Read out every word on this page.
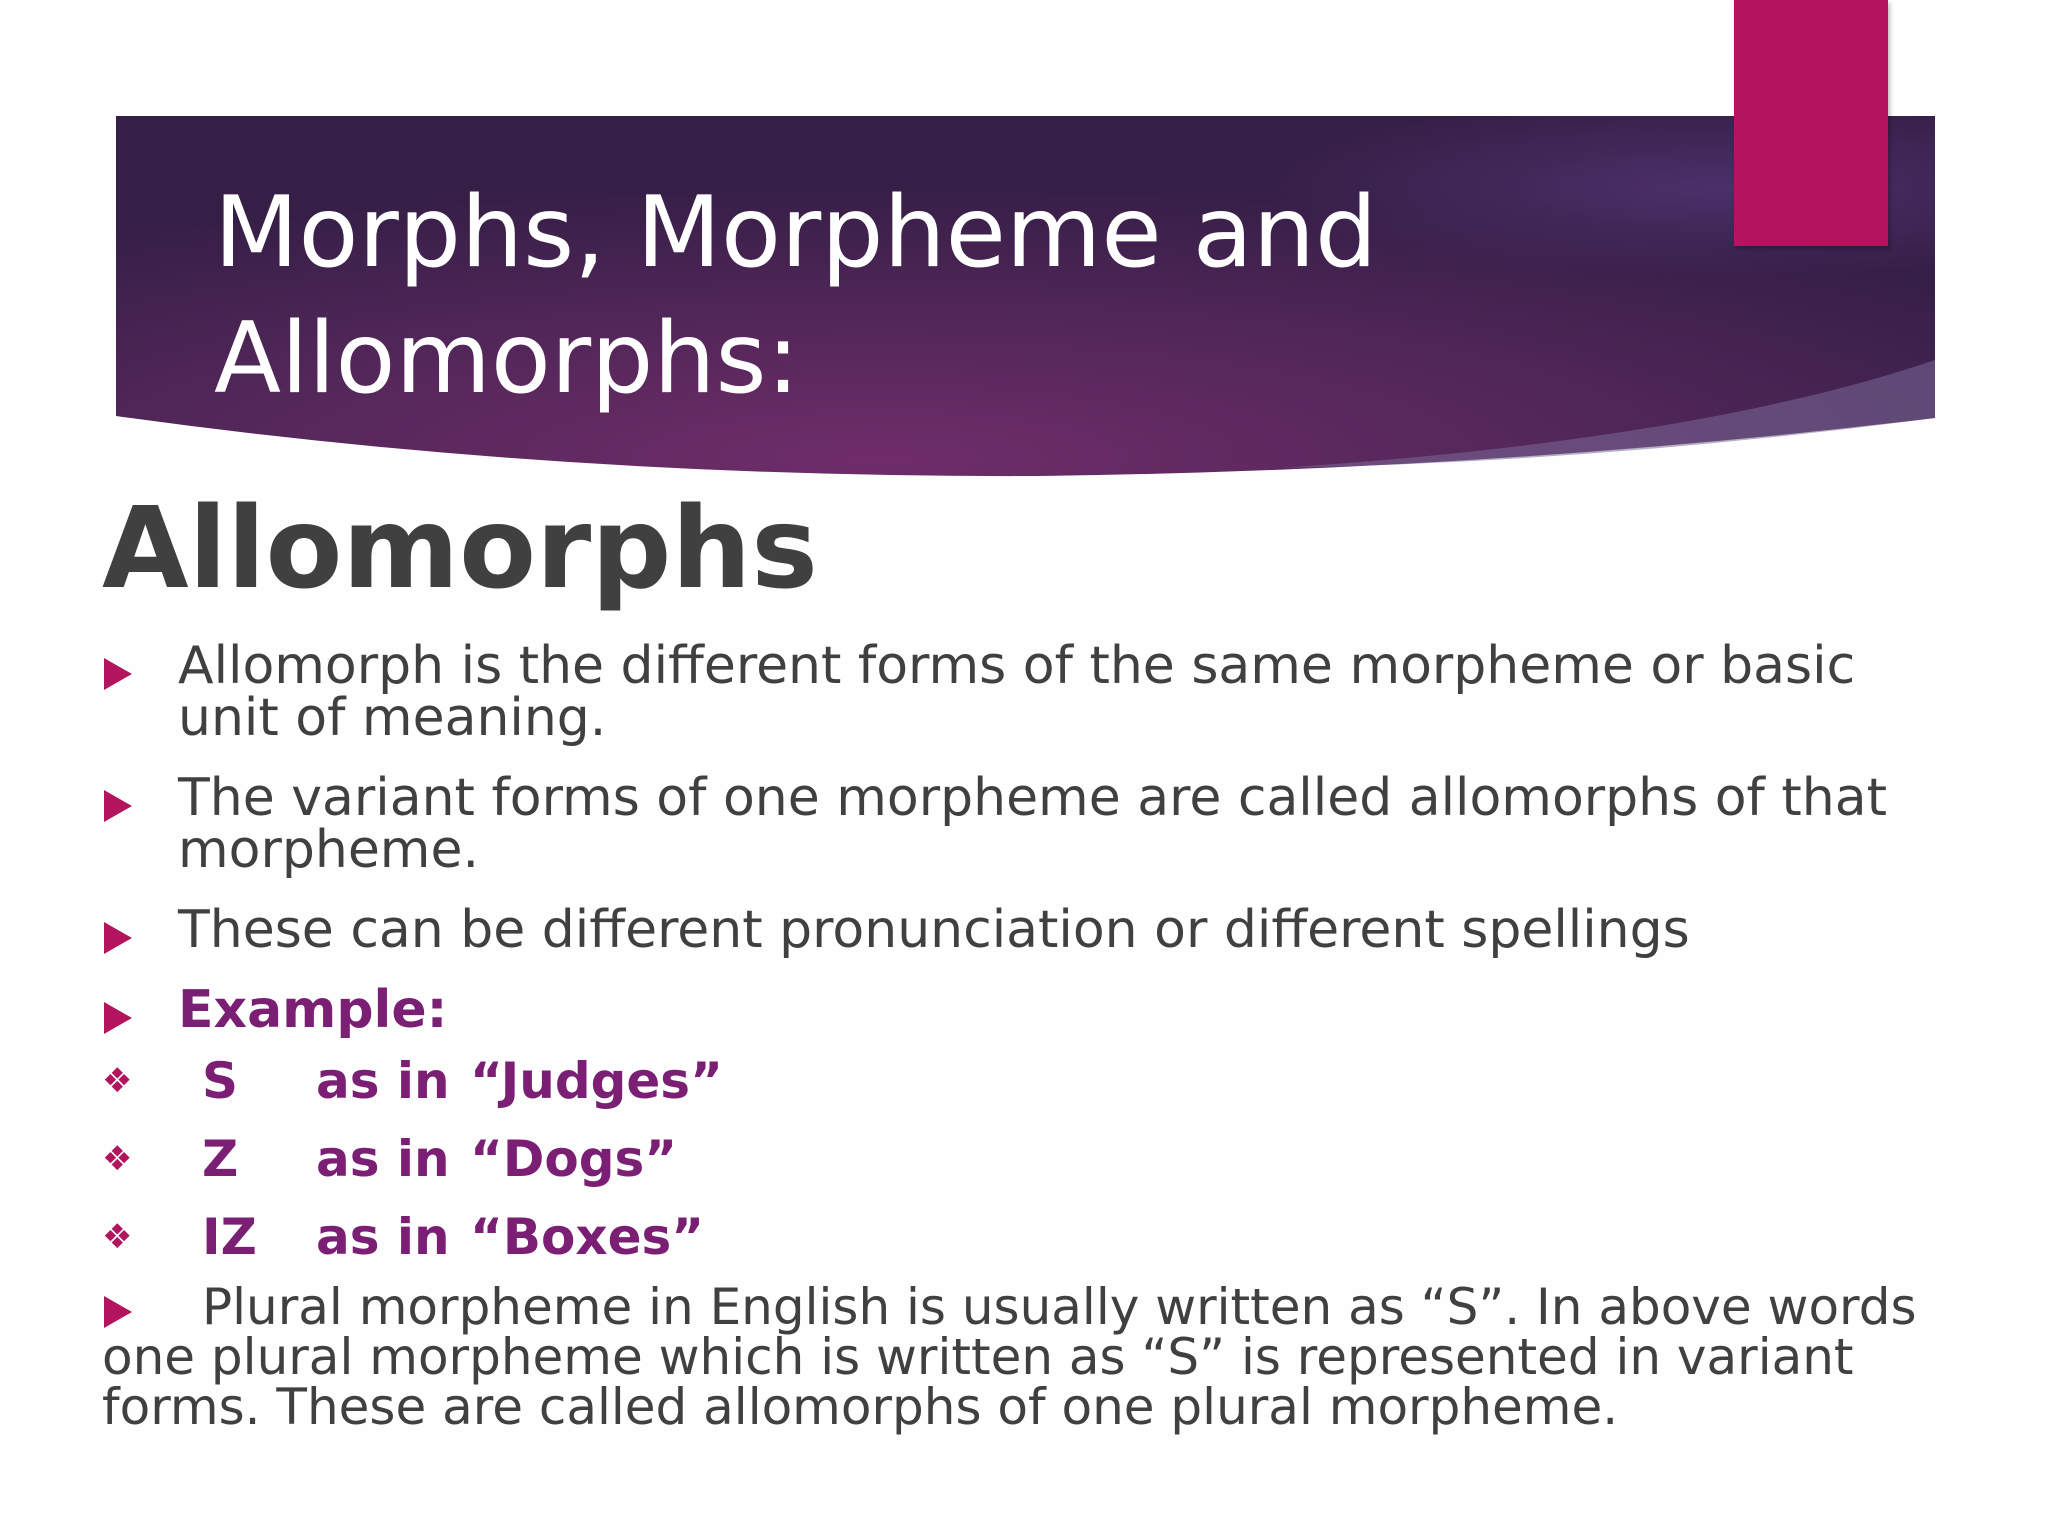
Morphs, Morpheme and
Allomorphs:
Allomorphs
Allomorph is the different forms of the same morpheme or basic unit of meaning.
The variant forms of one morpheme are called allomorphs of that morpheme.
These can be different pronunciation or different spellings
Example:
❖ S as in “Judges”
❖ Z as in “Dogs”
❖ IZ as in “Boxes”
Plural morpheme in English is usually written as “S”. In above words one plural morpheme which is written as “S” is represented in variant forms. These are called allomorphs of one plural morpheme.
